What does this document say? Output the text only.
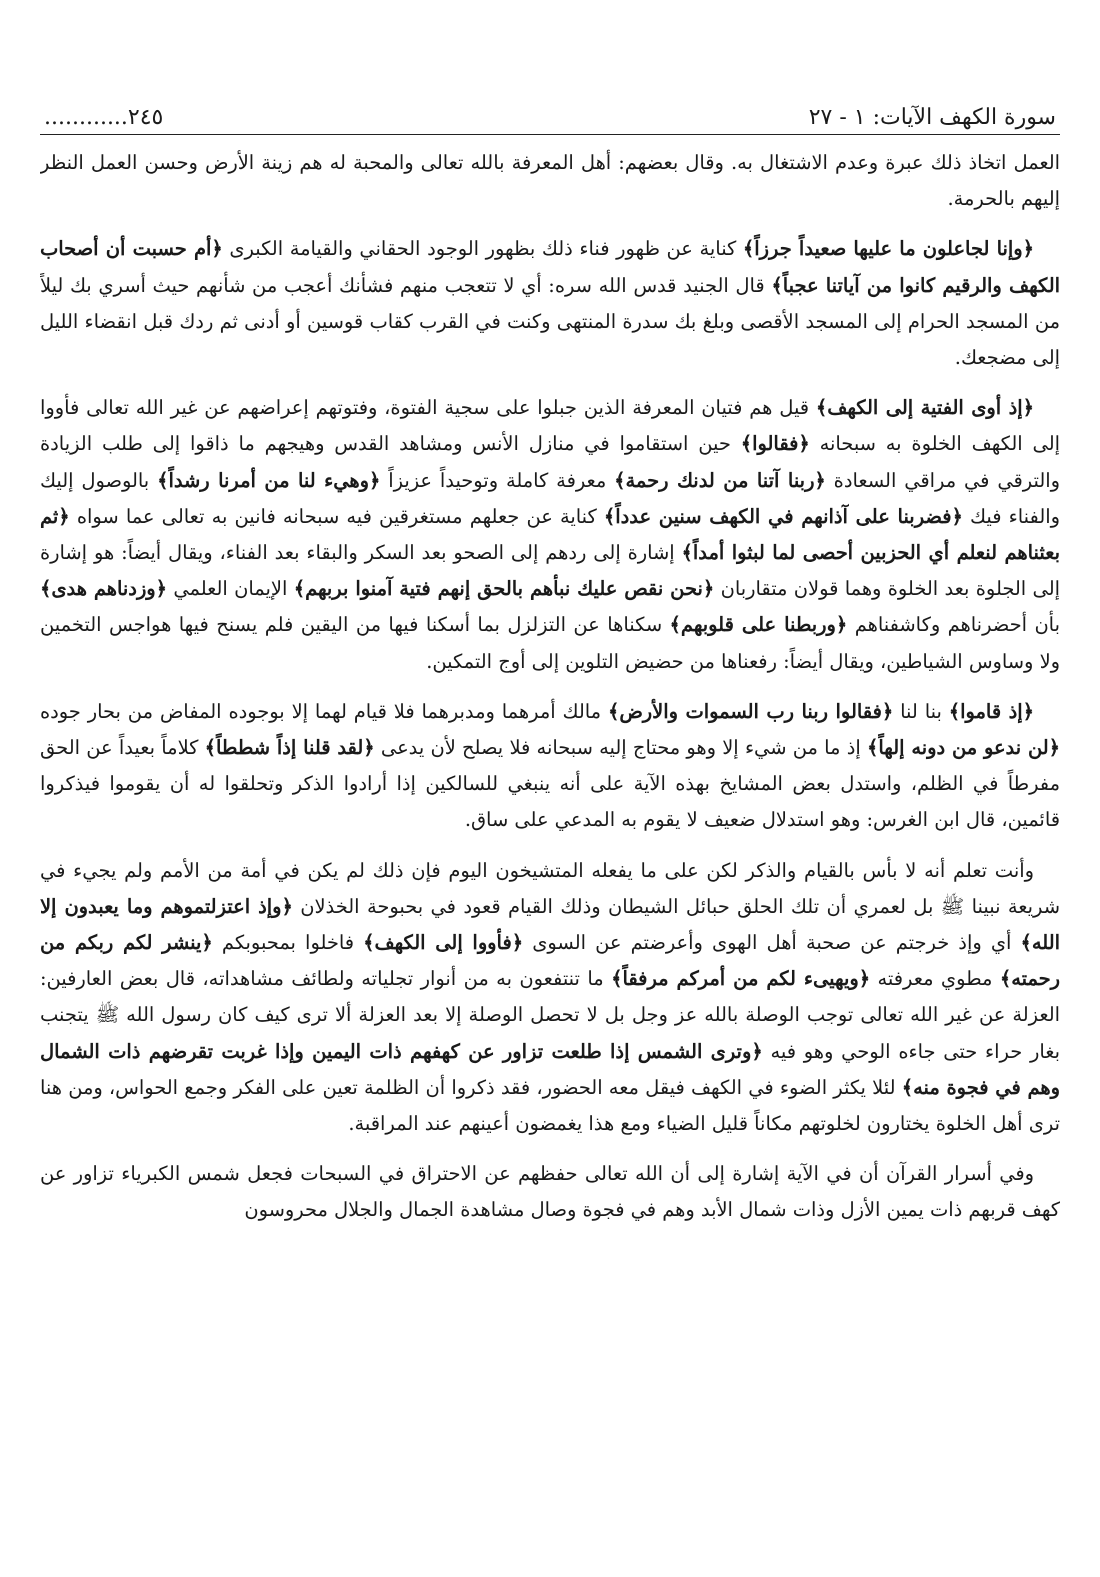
سورة الكهف الآيات: ١ - ٢٧
............٢٤٥

العمل اتخاذ ذلك عبرة وعدم الاشتغال به. وقال بعضهم: أهل المعرفة بالله تعالى والمحبة له هم زينة الأرض وحسن العمل النظر إليهم بالحرمة.

﴿وإنا لجاعلون ما عليها صعيداً جرزاً﴾ كناية عن ظهور فناء ذلك بظهور الوجود الحقاني والقيامة الكبرى ﴿أم حسبت أن أصحاب الكهف والرقيم كانوا من آياتنا عجباً﴾ قال الجنيد قدس الله سره: أي لا تتعجب منهم فشأنك أعجب من شأنهم حيث أسري بك ليلاً من المسجد الحرام إلى المسجد الأقصى وبلغ بك سدرة المنتهى وكنت في القرب كقاب قوسين أو أدنى ثم ردك قبل انقضاء الليل إلى مضجعك.

﴿إذ أوى الفتية إلى الكهف﴾ قيل هم فتيان المعرفة الذين جبلوا على سجية الفتوة، وفتوتهم إعراضهم عن غير الله تعالى فأووا إلى الكهف الخلوة به سبحانه ﴿فقالوا﴾ حين استقاموا في منازل الأنس ومشاهد القدس وهيجهم ما ذاقوا إلى طلب الزيادة والترقي في مراقي السعادة ﴿ربنا آتنا من لدنك رحمة﴾ معرفة كاملة وتوحيداً عزيزاً ﴿وهيء لنا من أمرنا رشداً﴾ بالوصول إليك والفناء فيك ﴿فضربنا على آذانهم في الكهف سنين عدداً﴾ كناية عن جعلهم مستغرقين فيه سبحانه فانين به تعالى عما سواه ﴿ثم بعثناهم لنعلم أي الحزبين أحصى لما لبثوا أمداً﴾ إشارة إلى ردهم إلى الصحو بعد السكر والبقاء بعد الفناء، ويقال أيضاً: هو إشارة إلى الجلوة بعد الخلوة وهما قولان متقاربان ﴿نحن نقص عليك نبأهم بالحق إنهم فتية آمنوا بربهم﴾ الإيمان العلمي ﴿وزدناهم هدى﴾ بأن أحضرناهم وكاشفناهم ﴿وربطنا على قلوبهم﴾ سكناها عن التزلزل بما أسكنا فيها من اليقين فلم يسنح فيها هواجس التخمين ولا وساوس الشياطين، ويقال أيضاً: رفعناها من حضيض التلوين إلى أوج التمكين.

﴿إذ قاموا﴾ بنا لنا ﴿فقالوا ربنا رب السموات والأرض﴾ مالك أمرهما ومدبرهما فلا قيام لهما إلا بوجوده المفاض من بحار جوده ﴿لن ندعو من دونه إلهاً﴾ إذ ما من شيء إلا وهو محتاج إليه سبحانه فلا يصلح لأن يدعى ﴿لقد قلنا إذاً شططاً﴾ كلاماً بعيداً عن الحق مفرطاً في الظلم، واستدل بعض المشايخ بهذه الآية على أنه ينبغي للسالكين إذا أرادوا الذكر وتحلقوا له أن يقوموا فيذكروا قائمين، قال ابن الغرس: وهو استدلال ضعيف لا يقوم به المدعي على ساق.

وأنت تعلم أنه لا بأس بالقيام والذكر لكن على ما يفعله المتشيخون اليوم فإن ذلك لم يكن في أمة من الأمم ولم يجيء في شريعة نبينا ﷺ بل لعمري أن تلك الحلق حبائل الشيطان وذلك القيام قعود في بحبوحة الخذلان ﴿وإذ اعتزلتموهم وما يعبدون إلا الله﴾ أي وإذ خرجتم عن صحبة أهل الهوى وأعرضتم عن السوى ﴿فأووا إلى الكهف﴾ فاخلوا بمحبوبكم ﴿ينشر لكم ربكم من رحمته﴾ مطوي معرفته ﴿ويهيىء لكم من أمركم مرفقاً﴾ ما تنتفعون به من أنوار تجلياته ولطائف مشاهداته، قال بعض العارفين: العزلة عن غير الله تعالى توجب الوصلة بالله عز وجل بل لا تحصل الوصلة إلا بعد العزلة ألا ترى كيف كان رسول الله ﷺ يتجنب بغار حراء حتى جاءه الوحي وهو فيه ﴿وترى الشمس إذا طلعت تزاور عن كهفهم ذات اليمين وإذا غربت تقرضهم ذات الشمال وهم في فجوة منه﴾ لئلا يكثر الضوء في الكهف فيقل معه الحضور، فقد ذكروا أن الظلمة تعين على الفكر وجمع الحواس، ومن هنا ترى أهل الخلوة يختارون لخلوتهم مكاناً قليل الضياء ومع هذا يغمضون أعينهم عند المراقبة.

وفي أسرار القرآن أن في الآية إشارة إلى أن الله تعالى حفظهم عن الاحتراق في السبحات فجعل شمس الكبرياء تزاور عن كهف قربهم ذات يمين الأزل وذات شمال الأبد وهم في فجوة وصال مشاهدة الجمال والجلال محروسون
